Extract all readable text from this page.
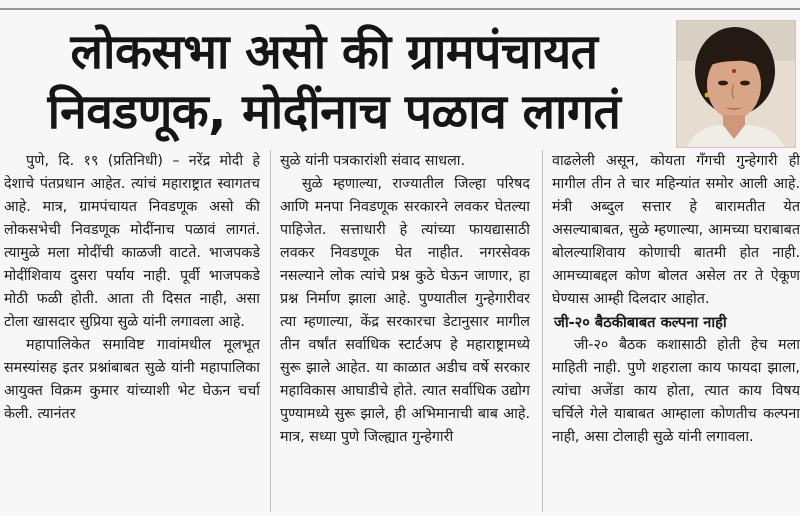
लोकसभा असो की ग्रामपंचायत
निवडणूक, मोदींनाच पळाव लागतं

पुणे, दि. १९ (प्रतिनिधी) – नरेंद्र मोदी हे देशाचे पंतप्रधान आहेत. त्यांचं महाराष्ट्रात स्वागतच आहे. मात्र, ग्रामपंचायत निवडणूक असो की लोकसभेची निवडणूक मोदींनाच पळावं लागतं. त्यामुळे मला मोदींची काळजी वाटते. भाजपकडे मोदींशिवाय दुसरा पर्याय नाही. पूर्वी भाजपकडे मोठी फळी होती. आता ती दिसत नाही, असा टोला खासदार सुप्रिया सुळे यांनी लगावला आहे.

महापालिकेत समाविष्ट गावांमधील मूलभूत समस्यांसह इतर प्रश्नांबाबत सुळे यांनी महापालिका आयुक्त विक्रम कुमार यांच्याशी भेट घेऊन चर्चा केली. त्यानंतर

सुळे यांनी पत्रकारांशी संवाद साधला.

सुळे म्हणाल्या, राज्यातील जिल्हा परिषद आणि मनपा निवडणूक सरकारने लवकर घेतल्या पाहिजेत. सत्ताधारी हे त्यांच्या फायद्यासाठी लवकर निवडणूक घेत नाहीत. नगरसेवक नसल्याने लोक त्यांचे प्रश्न कुठे घेऊन जाणार, हा प्रश्न निर्माण झाला आहे. पुण्यातील गुन्हेगारीवर त्या म्हणाल्या, केंद्र सरकारचा डेटानुसार मागील तीन वर्षांत सर्वाधिक स्टार्टअप हे महाराष्ट्रामध्ये सुरू झाले आहेत. या काळात अडीच वर्षे सरकार महाविकास आघाडीचे होते. त्यात सर्वाधिक उद्योग पुण्यामध्ये सुरू झाले, ही अभिमानाची बाब आहे. मात्र, सध्या पुणे जिल्ह्यात गुन्हेगारी

वाढलेली असून, कोयता गँगची गुन्हेगारी ही मागील तीन ते चार महिन्यांत समोर आली आहे. मंत्री अब्दुल सत्तार हे बारामतीत येत असल्याबाबत, सुळे म्हणाल्या, आमच्या घराबाबत बोलल्याशिवाय कोणाची बातमी होत नाही. आमच्याबद्दल कोण बोलत असेल तर ते ऐकूण घेण्यास आम्ही दिलदार आहोत.

जी-२० बैठकीबाबत कल्पना नाही

जी-२० बैठक कशासाठी होती हेच मला माहिती नाही. पुणे शहराला काय फायदा झाला, त्यांचा अजेंडा काय होता, त्यात काय विषय चर्चिले गेले याबाबत आम्हाला कोणतीच कल्पना नाही, असा टोलाही सुळे यांनी लगावला.
